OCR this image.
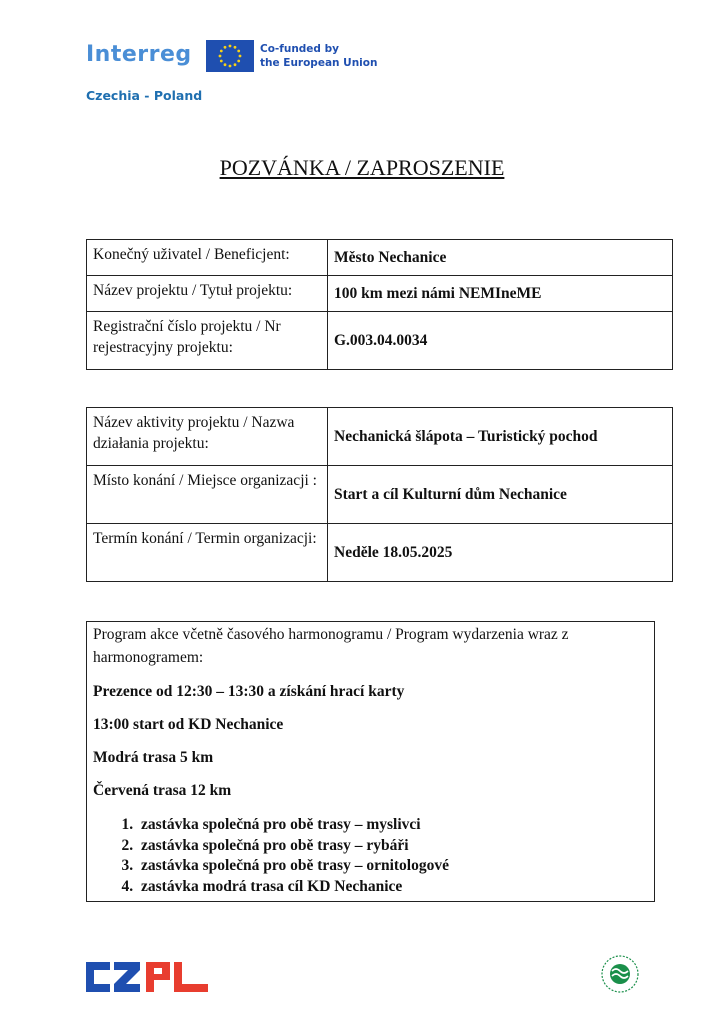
Interreg	Co-funded by
the European Union
Czechia - Poland
POZVÁNKA / ZAPROSZENIE
Konečný uživatel / Beneficjent:	Město Nechanice
Název projektu / Tytuł projektu:	100 km mezi námi NEMIneME
Registrační číslo projektu / Nr rejestracyjny projektu:	G.003.04.0034
Název aktivity projektu / Nazwa działania projektu:	Nechanická šlápota – Turistický pochod
Místo konání / Miejsce organizacji :	Start a cíl Kulturní dům Nechanice
Termín konání / Termin organizacji:	Neděle 18.05.2025

Program akce včetně časového harmonogramu / Program wydarzenia wraz z harmonogramem:

Prezence od 12:30 – 13:30 a získání hrací karty

13:00 start od KD Nechanice

Modrá trasa 5 km

Červená trasa 12 km

1. zastávka společná pro obě trasy – myslivci
2. zastávka společná pro obě trasy – rybáři
3. zastávka společná pro obě trasy – ornitologové
4. zastávka modrá trasa cíl KD Nechanice
